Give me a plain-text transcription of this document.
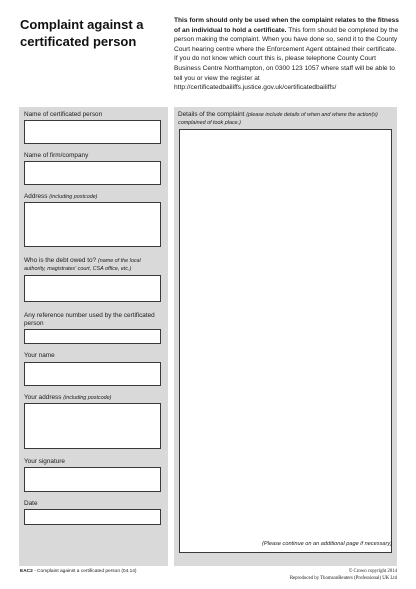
Complaint against a certificated person
This form should only be used when the complaint relates to the fitness of an individual to hold a certificate. This form should be completed by the person making the complaint. When you have done so, send it to the County Court hearing centre where the Enforcement Agent obtained their certificate. If you do not know which court this is, please telephone County Court Business Centre Northampton, on 0300 123 1057 where staff will be able to tell you or view the register at http://certificatedbailiffs.justice.gov.uk/certificatedbailiffs/
Name of certificated person
Name of firm/company
Address (including postcode)
Who is the debt owed to? (name of the local authority, magistrates' court, CSA office, etc.)
Any reference number used by the certificated person
Your name
Your address (including postcode)
Your signature
Date
Details of the complaint (please include details of when and where the action(s) complained of took place.)
(Please continue on an additional page if necessary)
EAC2 - Complaint against a certificated person (04.14)	© Crown copyright 2014
Reproduced by ThomsonReuters (Professional) UK Ltd
